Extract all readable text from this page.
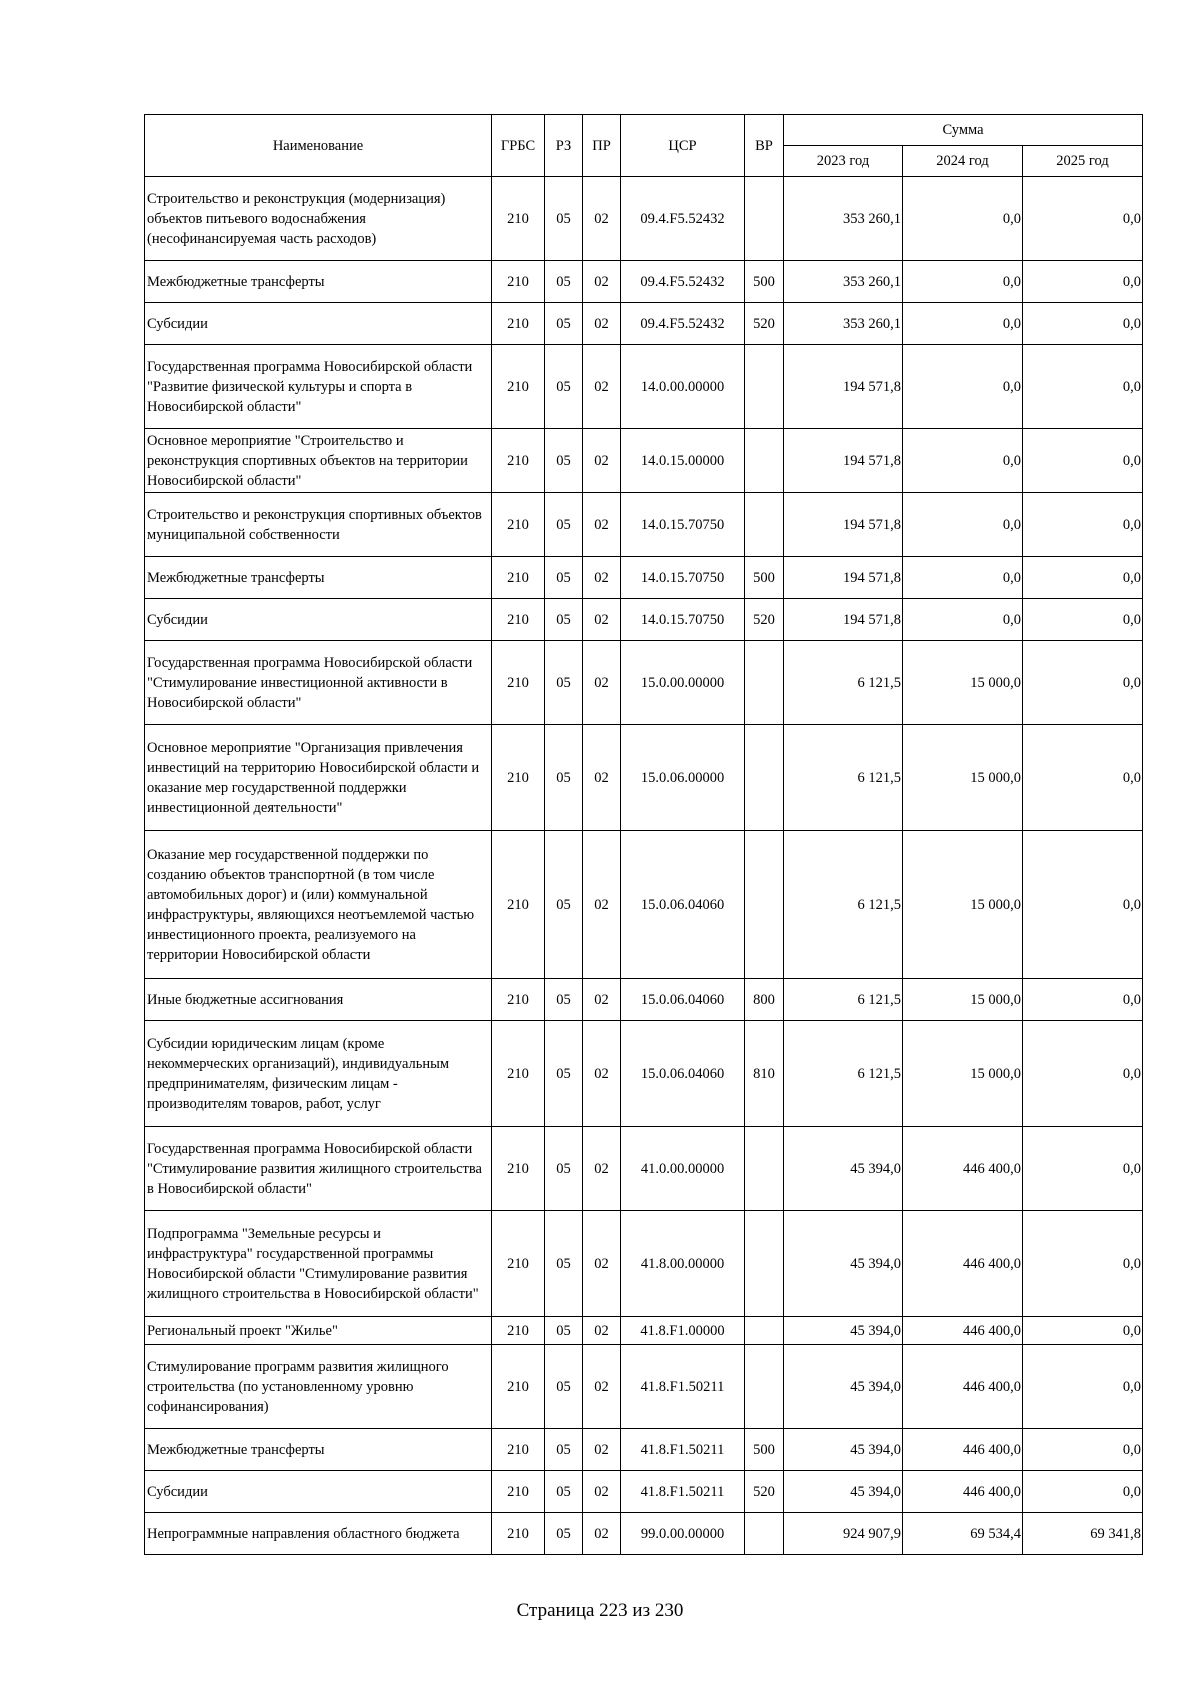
Наименование	ГРБС	РЗ	ПР	ЦСР	ВР	Сумма		
						2023 год	2024 год	2025 год
Строительство и реконструкция (модернизация) объектов питьевого водоснабжения (несофинансируемая часть расходов)	210	05	02	09.4.F5.52432		353 260,1	0,0	0,0
Межбюджетные трансферты	210	05	02	09.4.F5.52432	500	353 260,1	0,0	0,0
Субсидии	210	05	02	09.4.F5.52432	520	353 260,1	0,0	0,0
Государственная программа Новосибирской области "Развитие физической культуры и спорта в Новосибирской области"	210	05	02	14.0.00.00000		194 571,8	0,0	0,0
Основное мероприятие "Строительство и реконструкция спортивных объектов на территории Новосибирской области"	210	05	02	14.0.15.00000		194 571,8	0,0	0,0
Строительство и реконструкция спортивных объектов муниципальной собственности	210	05	02	14.0.15.70750		194 571,8	0,0	0,0
Межбюджетные трансферты	210	05	02	14.0.15.70750	500	194 571,8	0,0	0,0
Субсидии	210	05	02	14.0.15.70750	520	194 571,8	0,0	0,0
Государственная программа Новосибирской области "Стимулирование инвестиционной активности в Новосибирской области"	210	05	02	15.0.00.00000		6 121,5	15 000,0	0,0
Основное мероприятие "Организация привлечения инвестиций на территорию Новосибирской области и оказание мер государственной поддержки инвестиционной деятельности"	210	05	02	15.0.06.00000		6 121,5	15 000,0	0,0
Оказание мер государственной поддержки по созданию объектов транспортной (в том числе автомобильных дорог) и (или) коммунальной инфраструктуры, являющихся неотъемлемой частью инвестиционного проекта, реализуемого на территории Новосибирской области	210	05	02	15.0.06.04060		6 121,5	15 000,0	0,0
Иные бюджетные ассигнования	210	05	02	15.0.06.04060	800	6 121,5	15 000,0	0,0
Субсидии юридическим лицам (кроме некоммерческих организаций), индивидуальным предпринимателям, физическим лицам - производителям товаров, работ, услуг	210	05	02	15.0.06.04060	810	6 121,5	15 000,0	0,0
Государственная программа Новосибирской области "Стимулирование развития жилищного строительства в Новосибирской области"	210	05	02	41.0.00.00000		45 394,0	446 400,0	0,0
Подпрограмма "Земельные ресурсы и инфраструктура" государственной программы Новосибирской области "Стимулирование развития жилищного строительства в Новосибирской области"	210	05	02	41.8.00.00000		45 394,0	446 400,0	0,0
Региональный проект "Жилье"	210	05	02	41.8.F1.00000		45 394,0	446 400,0	0,0
Стимулирование программ развития жилищного строительства (по установленному уровню софинансирования)	210	05	02	41.8.F1.50211		45 394,0	446 400,0	0,0
Межбюджетные трансферты	210	05	02	41.8.F1.50211	500	45 394,0	446 400,0	0,0
Субсидии	210	05	02	41.8.F1.50211	520	45 394,0	446 400,0	0,0
Непрограммные направления областного бюджета	210	05	02	99.0.00.00000		924 907,9	69 534,4	69 341,8
Страница 223 из 230
